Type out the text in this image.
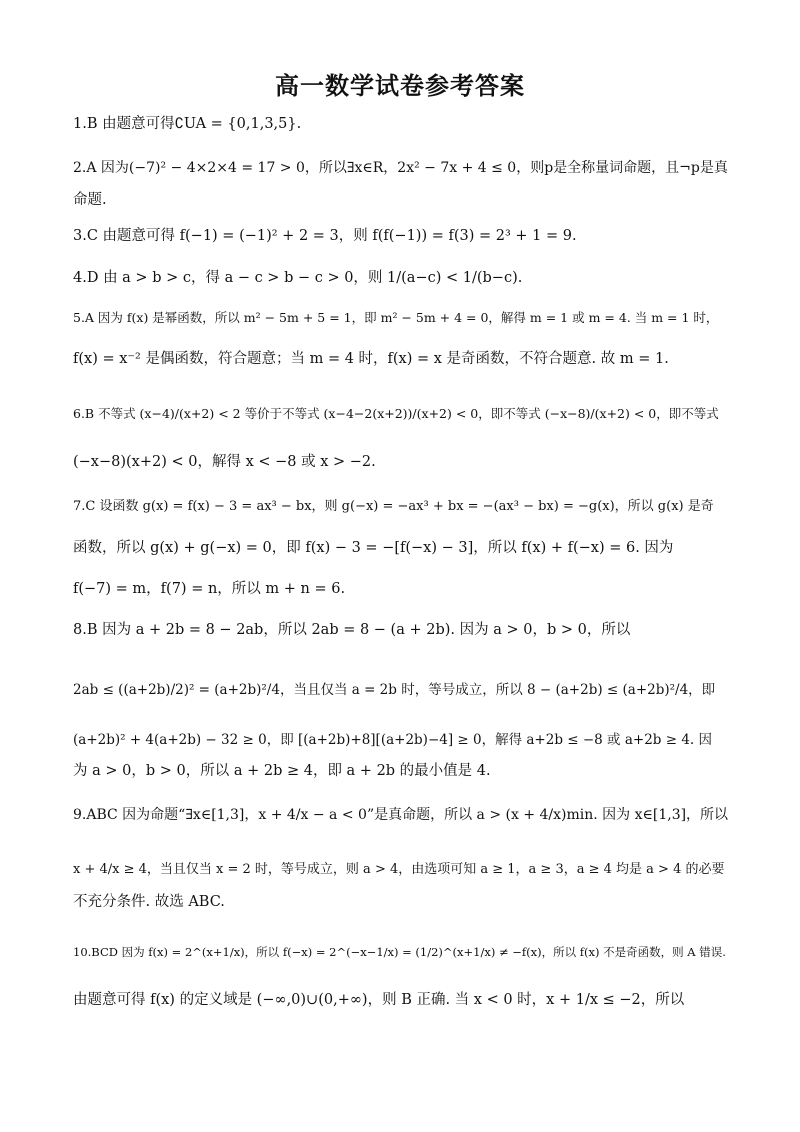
高一数学试卷参考答案
1.B 由题意可得∁UA = {0,1,3,5}.
2.A 因为(−7)² − 4×2×4 = 17 > 0，所以∃x∈R，2x² − 7x + 4 ≤ 0，则p是全称量词命题，且¬p是真
命题.
3.C 由题意可得 f(−1) = (−1)² + 2 = 3，则 f(f(−1)) = f(3) = 2³ + 1 = 9.
4.D 由 a > b > c，得 a − c > b − c > 0，则 1/(a−c) < 1/(b−c).
5.A 因为 f(x) 是幂函数，所以 m² − 5m + 5 = 1，即 m² − 5m + 4 = 0，解得 m = 1 或 m = 4. 当 m = 1 时，
f(x) = x⁻² 是偶函数，符合题意；当 m = 4 时，f(x) = x 是奇函数，不符合题意. 故 m = 1.
6.B 不等式 (x−4)/(x+2) < 2 等价于不等式 (x−4−2(x+2))/(x+2) < 0，即不等式 (−x−8)/(x+2) < 0，即不等式
(−x−8)(x+2) < 0，解得 x < −8 或 x > −2.
7.C 设函数 g(x) = f(x) − 3 = ax³ − bx，则 g(−x) = −ax³ + bx = −(ax³ − bx) = −g(x)，所以 g(x) 是奇
函数，所以 g(x) + g(−x) = 0，即 f(x) − 3 = −[f(−x) − 3]，所以 f(x) + f(−x) = 6. 因为
f(−7) = m，f(7) = n，所以 m + n = 6.
8.B 因为 a + 2b = 8 − 2ab，所以 2ab = 8 − (a + 2b). 因为 a > 0，b > 0，所以
2ab ≤ ((a+2b)/2)² = (a+2b)²/4，当且仅当 a = 2b 时，等号成立，所以 8 − (a+2b) ≤ (a+2b)²/4，即
(a+2b)² + 4(a+2b) − 32 ≥ 0，即 [(a+2b)+8][(a+2b)−4] ≥ 0，解得 a+2b ≤ −8 或 a+2b ≥ 4. 因
为 a > 0，b > 0，所以 a + 2b ≥ 4，即 a + 2b 的最小值是 4.
9.ABC 因为命题“∃x∈[1,3]，x + 4/x − a < 0”是真命题，所以 a > (x + 4/x)min. 因为 x∈[1,3]，所以
x + 4/x ≥ 4，当且仅当 x = 2 时，等号成立，则 a > 4，由选项可知 a ≥ 1，a ≥ 3，a ≥ 4 均是 a > 4 的必要
不充分条件. 故选 ABC.
10.BCD 因为 f(x) = 2^(x+1/x)，所以 f(−x) = 2^(−x−1/x) = (1/2)^(x+1/x) ≠ −f(x)，所以 f(x) 不是奇函数，则 A 错误.
由题意可得 f(x) 的定义域是 (−∞,0)∪(0,+∞)，则 B 正确. 当 x < 0 时，x + 1/x ≤ −2，所以
